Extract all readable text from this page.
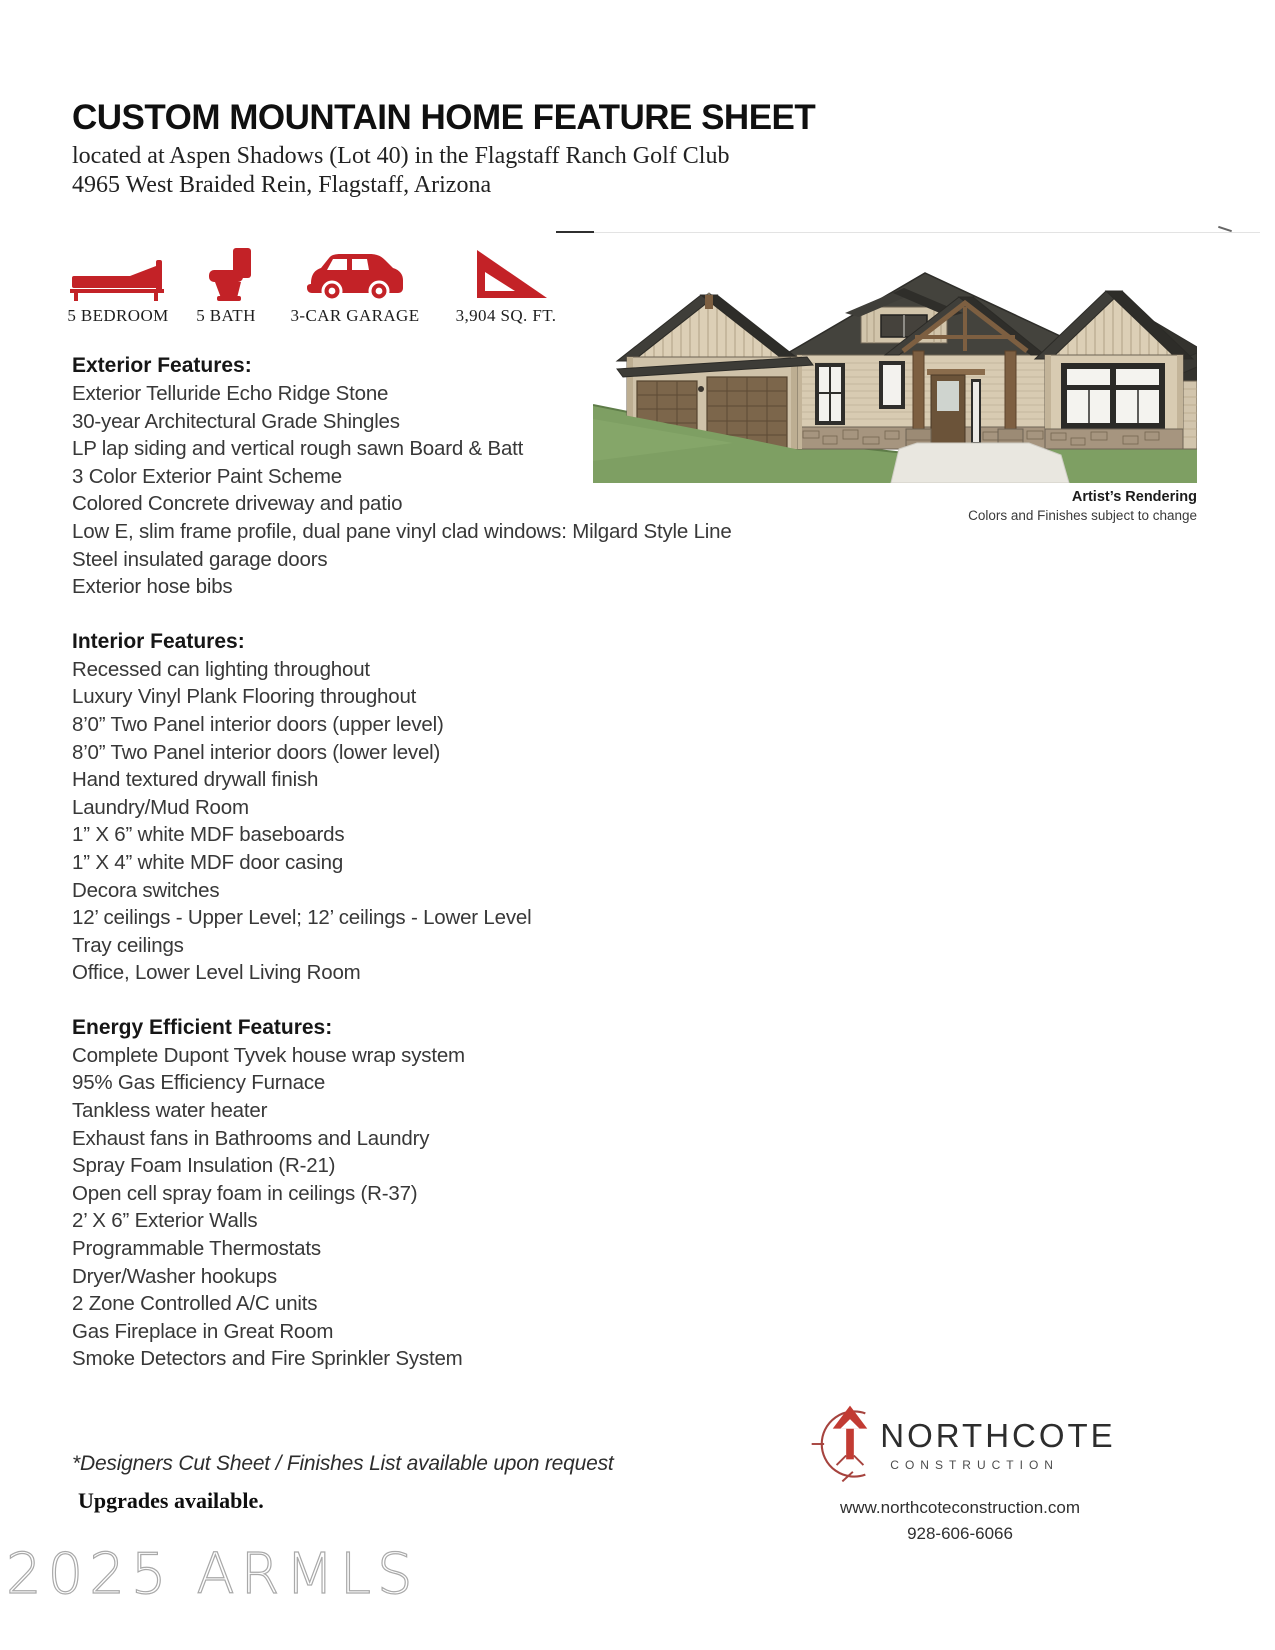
CUSTOM MOUNTAIN HOME FEATURE SHEET
located at Aspen Shadows (Lot 40) in the Flagstaff Ranch Golf Club
4965 West Braided Rein, Flagstaff, Arizona
5 BEDROOM	5 BATH	3-CAR GARAGE	3,904 SQ. FT.
Artist’s Rendering
Colors and Finishes subject to change
Exterior Features:
Exterior Telluride Echo Ridge Stone
30-year Architectural Grade Shingles
LP lap siding and vertical rough sawn Board & Batt
3 Color Exterior Paint Scheme
Colored Concrete driveway and patio
Low E, slim frame profile, dual pane vinyl clad windows: Milgard Style Line
Steel insulated garage doors
Exterior hose bibs
Interior Features:
Recessed can lighting throughout
Luxury Vinyl Plank Flooring throughout
8’0” Two Panel interior doors (upper level)
8’0” Two Panel interior doors (lower level)
Hand textured drywall finish
Laundry/Mud Room
1” X 6” white MDF baseboards
1” X 4” white MDF door casing
Decora switches
12’ ceilings - Upper Level; 12’ ceilings - Lower Level
Tray ceilings
Office, Lower Level Living Room
Energy Efficient Features:
Complete Dupont Tyvek house wrap system
95% Gas Efficiency Furnace
Tankless water heater
Exhaust fans in Bathrooms and Laundry
Spray Foam Insulation (R-21)
Open cell spray foam in ceilings (R-37)
2’ X 6” Exterior Walls
Programmable Thermostats
Dryer/Washer hookups
2 Zone Controlled A/C units
Gas Fireplace in Great Room
Smoke Detectors and Fire Sprinkler System
*Designers Cut Sheet / Finishes List available upon request
Upgrades available.
NORTHCOTE
CONSTRUCTION
www.northcoteconstruction.com
928-606-6066
2025 ARMLS
